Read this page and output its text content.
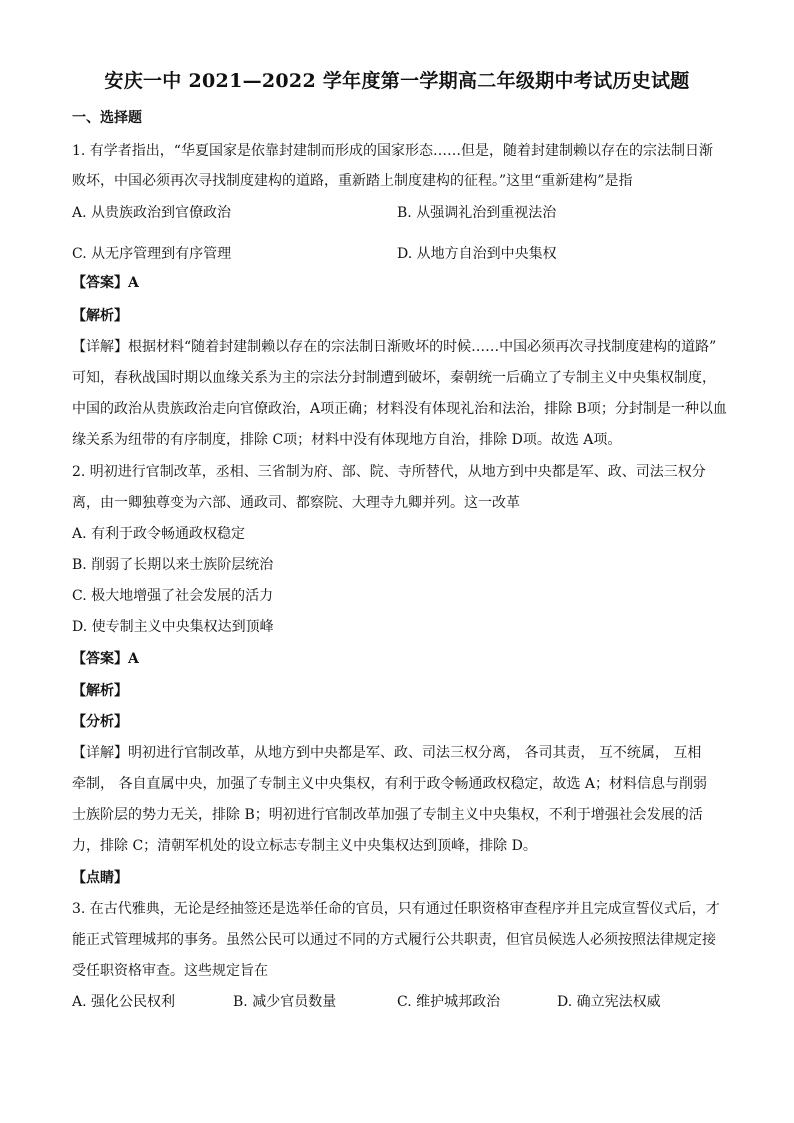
安庆一中 2021—2022 学年度第一学期高二年级期中考试历史试题
一、选择题
1. 有学者指出，“华夏国家是依靠封建制而形成的国家形态……但是，随着封建制赖以存在的宗法制日渐
败坏，中国必须再次寻找制度建构的道路，重新踏上制度建构的征程。”这里“重新建构”是指
A. 从贵族政治到官僚政治	B. 从强调礼治到重视法治
C. 从无序管理到有序管理	D. 从地方自治到中央集权
【答案】A
【解析】
【详解】根据材料“随着封建制赖以存在的宗法制日渐败坏的时候……中国必须再次寻找制度建构的道路”
可知，春秋战国时期以血缘关系为主的宗法分封制遭到破坏，秦朝统一后确立了专制主义中央集权制度，
中国的政治从贵族政治走向官僚政治，A项正确；材料没有体现礼治和法治，排除 B项；分封制是一种以血
缘关系为纽带的有序制度，排除 C项；材料中没有体现地方自治，排除 D项。故选 A项。
2. 明初进行官制改革，丞相、三省制为府、部、院、寺所替代，从地方到中央都是军、政、司法三权分
离，由一卿独尊变为六部、通政司、都察院、大理寺九卿并列。这一改革
A. 有利于政令畅通政权稳定
B. 削弱了长期以来士族阶层统治
C. 极大地增强了社会发展的活力
D. 使专制主义中央集权达到顶峰
【答案】A
【解析】
【分析】
【详解】明初进行官制改革，从地方到中央都是军、政、司法三权分离， 各司其责， 互不统属， 互相
牵制， 各自直属中央，加强了专制主义中央集权，有利于政令畅通政权稳定，故选 A；材料信息与削弱
士族阶层的势力无关，排除 B；明初进行官制改革加强了专制主义中央集权，不利于增强社会发展的活
力，排除 C；清朝军机处的设立标志专制主义中央集权达到顶峰，排除 D。
【点睛】
3. 在古代雅典，无论是经抽签还是选举任命的官员，只有通过任职资格审查程序并且完成宣誓仪式后，才
能正式管理城邦的事务。虽然公民可以通过不同的方式履行公共职责，但官员候选人必须按照法律规定接
受任职资格审查。这些规定旨在
A. 强化公民权利	B. 减少官员数量	C. 维护城邦政治	D. 确立宪法权威
